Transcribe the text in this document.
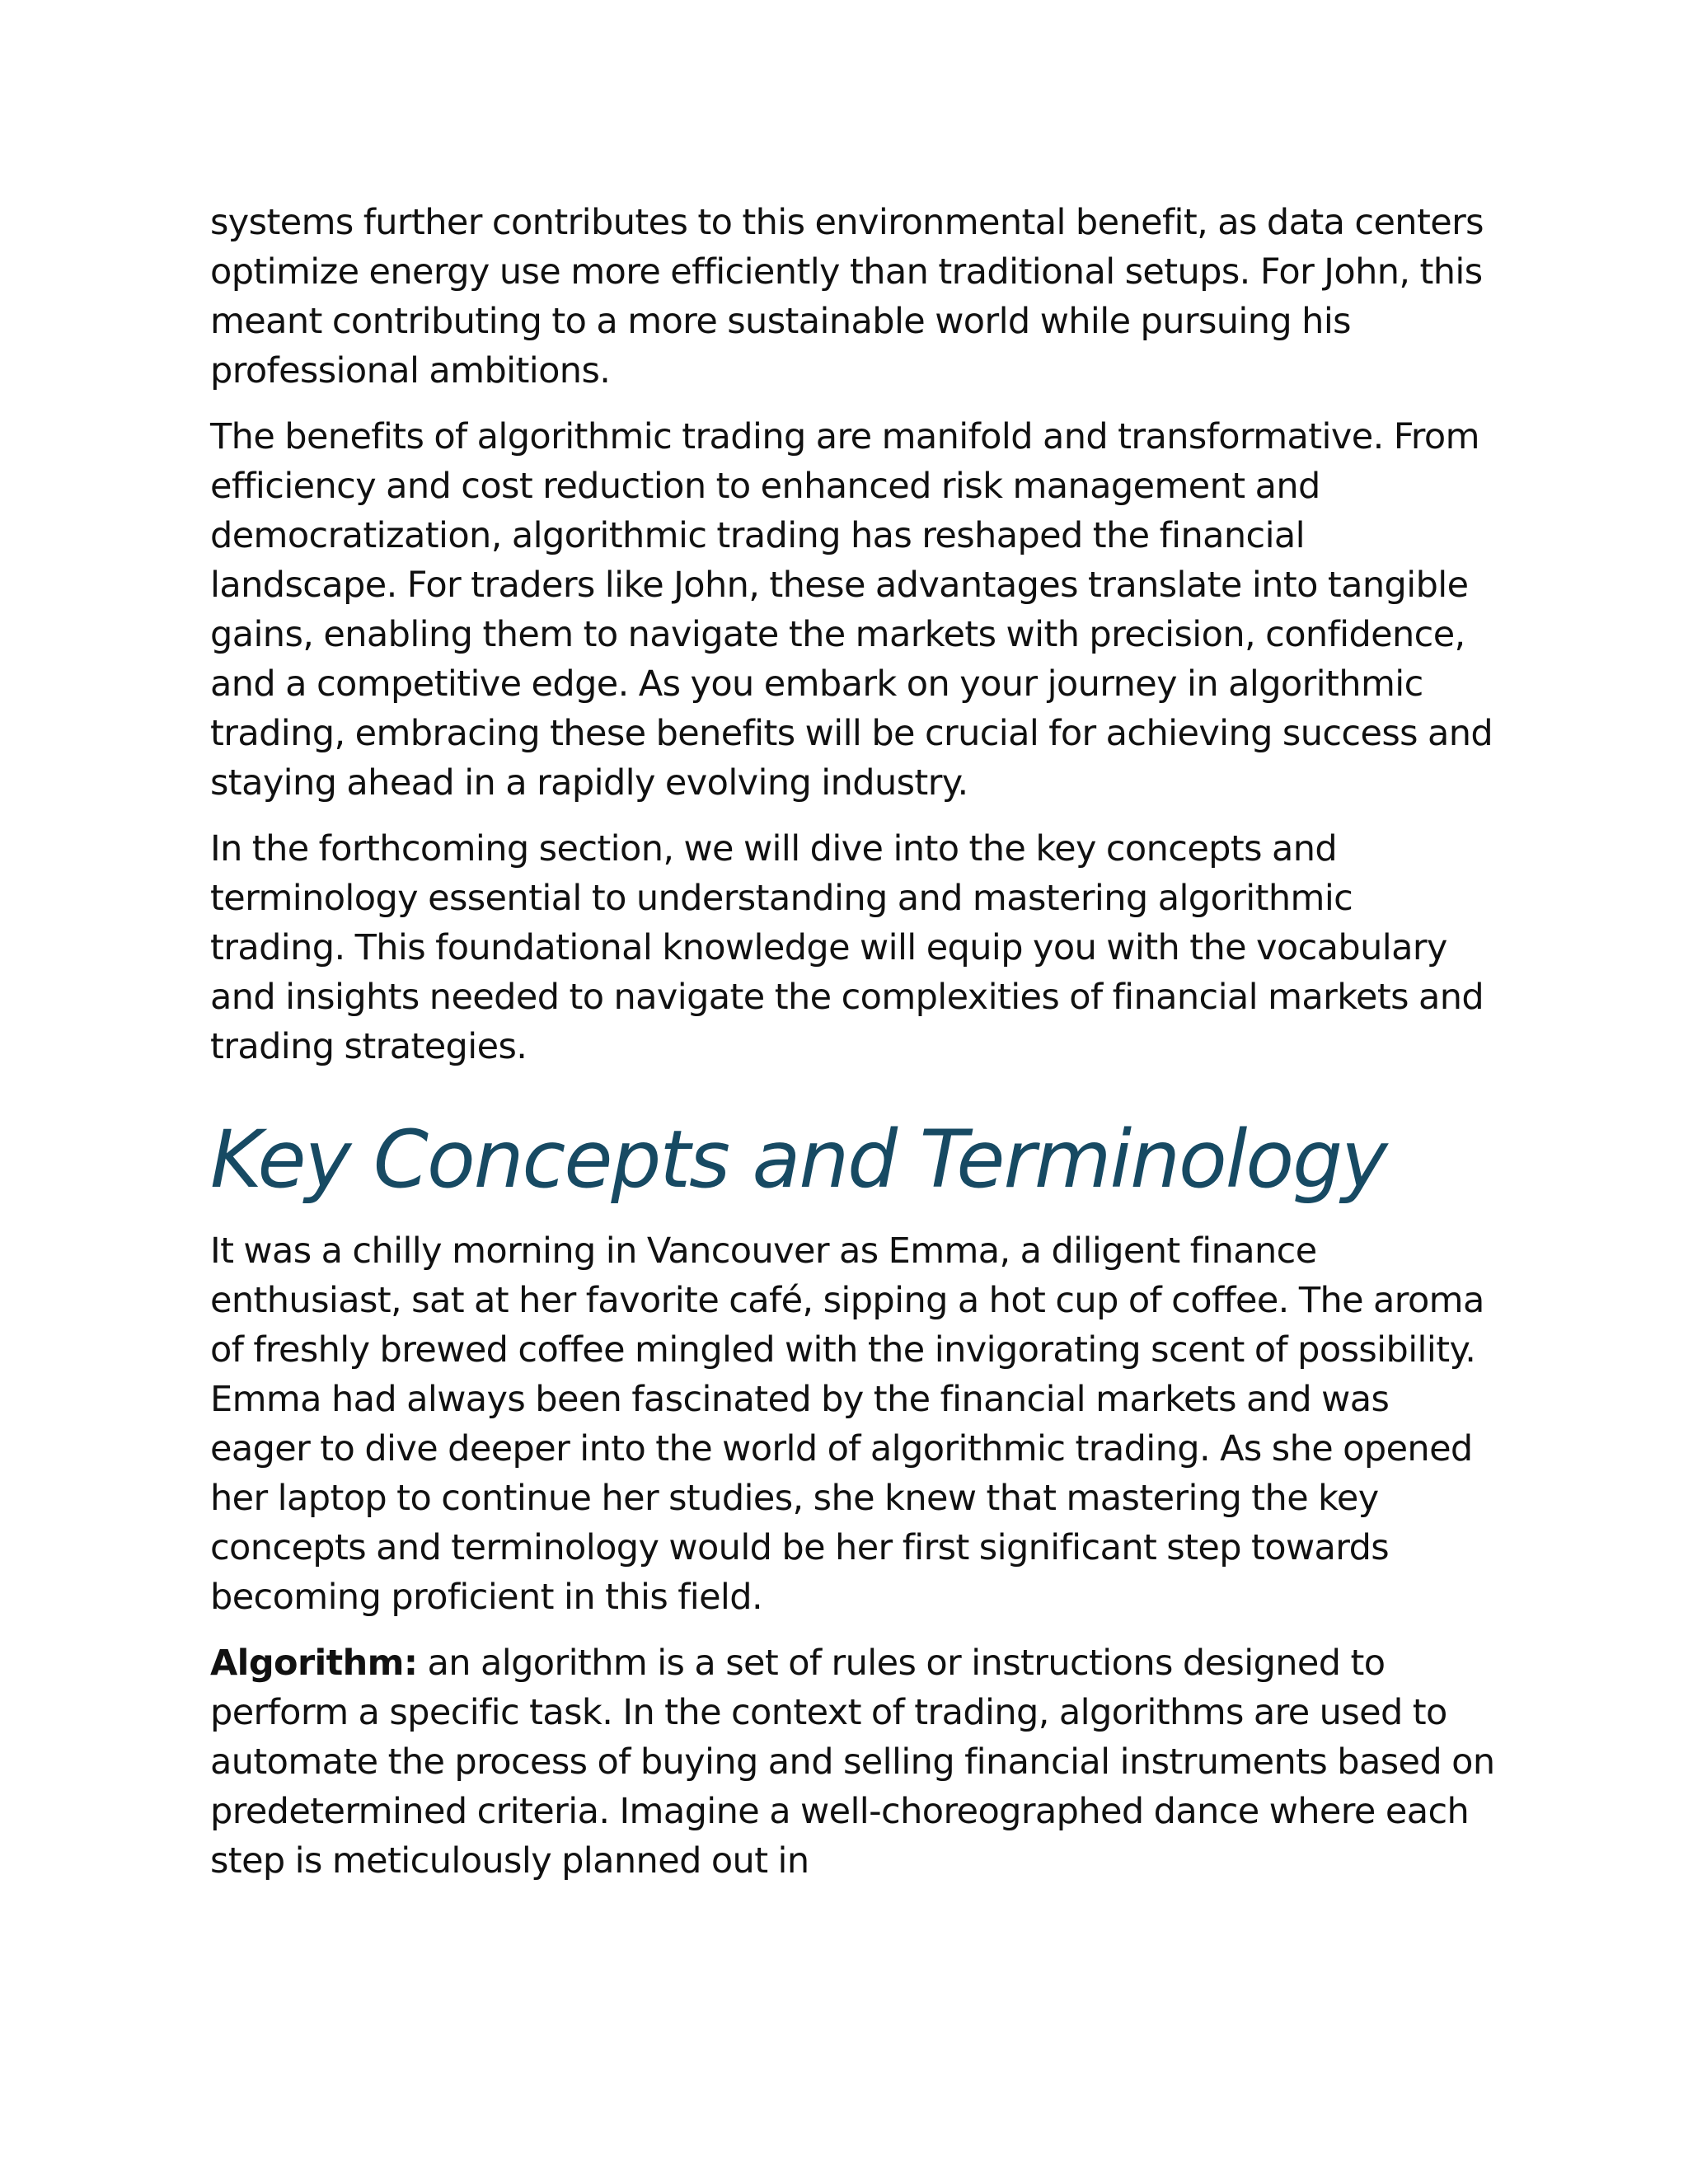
systems further contributes to this environmental benefit, as data centers optimize energy use more efficiently than traditional setups. For John, this meant contributing to a more sustainable world while pursuing his professional ambitions.

The benefits of algorithmic trading are manifold and transformative. From efficiency and cost reduction to enhanced risk management and democratization, algorithmic trading has reshaped the financial landscape. For traders like John, these advantages translate into tangible gains, enabling them to navigate the markets with precision, confidence, and a competitive edge. As you embark on your journey in algorithmic trading, embracing these benefits will be crucial for achieving success and staying ahead in a rapidly evolving industry.

In the forthcoming section, we will dive into the key concepts and terminology essential to understanding and mastering algorithmic trading. This foundational knowledge will equip you with the vocabulary and insights needed to navigate the complexities of financial markets and trading strategies.

Key Concepts and Terminology

It was a chilly morning in Vancouver as Emma, a diligent finance enthusiast, sat at her favorite café, sipping a hot cup of coffee. The aroma of freshly brewed coffee mingled with the invigorating scent of possibility. Emma had always been fascinated by the financial markets and was eager to dive deeper into the world of algorithmic trading. As she opened her laptop to continue her studies, she knew that mastering the key concepts and terminology would be her first significant step towards becoming proficient in this field.

Algorithm: an algorithm is a set of rules or instructions designed to perform a specific task. In the context of trading, algorithms are used to automate the process of buying and selling financial instruments based on predetermined criteria. Imagine a well-choreographed dance where each step is meticulously planned out in
